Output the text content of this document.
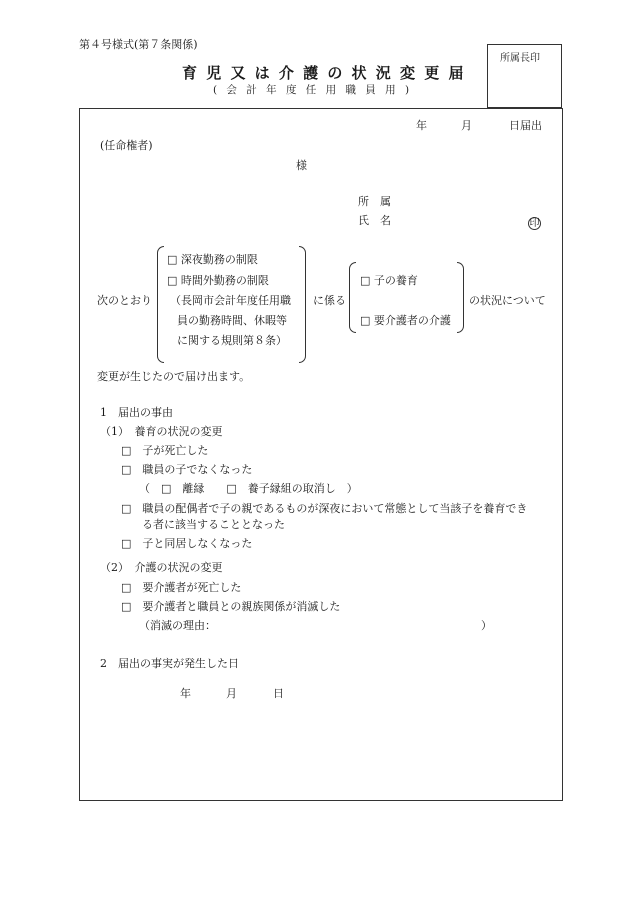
第４号様式(第７条関係)
育 児 又 は 介 護 の 状 況 変 更 届
( 会 計 年 度 任 用 職 員 用 )
所属長印
年	月	日届出
(任命権者)
様
所　属
氏　名	印
次のとおり
□ 深夜勤務の制限
□ 時間外勤務の制限
（長岡市会計年度任用職
員の勤務時間、休暇等
に関する規則第８条）
に係る
□ 子の養育
□ 要介護者の介護
の状況について
変更が生じたので届け出ます。
1　届出の事由
（1）　養育の状況の変更
□　子が死亡した
□　職員の子でなくなった
（　□　離縁　　□　養子縁組の取消し　）
□　職員の配偶者で子の親であるものが深夜において常態として当該子を養育でき
る者に該当することとなった
□　子と同居しなくなった
（2）　介護の状況の変更
□　要介護者が死亡した
□　要介護者と職員との親族関係が消滅した
（消滅の理由：	）
2　届出の事実が発生した日
年	月	日
